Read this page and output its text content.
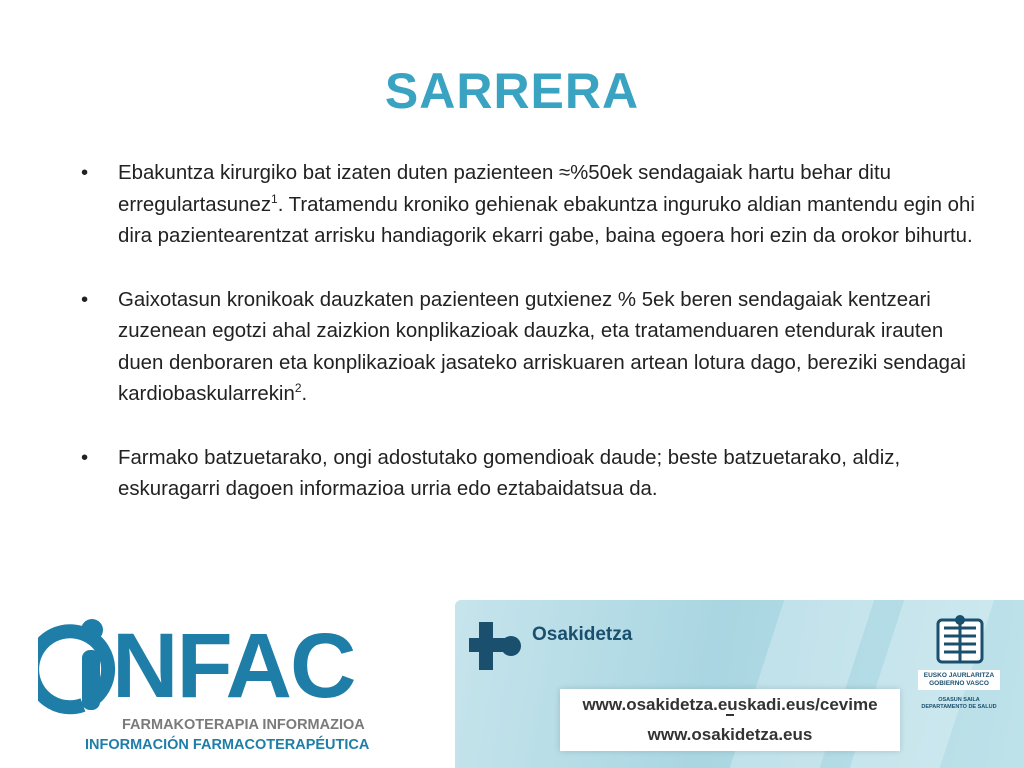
SARRERA
• Ebakuntza kirurgiko bat izaten duten pazienteen ≈%50ek sendagaiak hartu behar ditu erregulartasunez$^1$. Tratamendu kroniko gehienak ebakuntza inguruko aldian mantendu egin ohi dira pazientearentzat arrisku handiagorik ekarri gabe, baina egoera hori ezin da orokor bihurtu.
• Gaixotasun kronikoak dauzkaten pazienteen gutxienez % 5ek beren sendagaiak kentzeari zuzenean egotzi ahal zaizkion konplikazioak dauzka, eta tratamenduaren etendurak irauten duen denboraren eta konplikazioak jasateko arriskuaren artean lotura dago, bereziki sendagai kardiobaskularrekin$^2$.
• Farmako batzuetarako, ongi adostutako gomendioak daude; beste batzuetarako, aldiz, eskuragarri dagoen informazioa urria edo eztabaidatsua da.
NFAC
FARMAKOTERAPIA INFORMAZIOA
INFORMACIÓN FARMACOTERAPÉUTICA
Osakidetza
www.osakidetza.euskadi.eus/cevime
www.osakidetza.eus
EUSKO JAURLARITZA
GOBIERNO VASCO
OSASUN SAILA
DEPARTAMENTO DE SALUD
